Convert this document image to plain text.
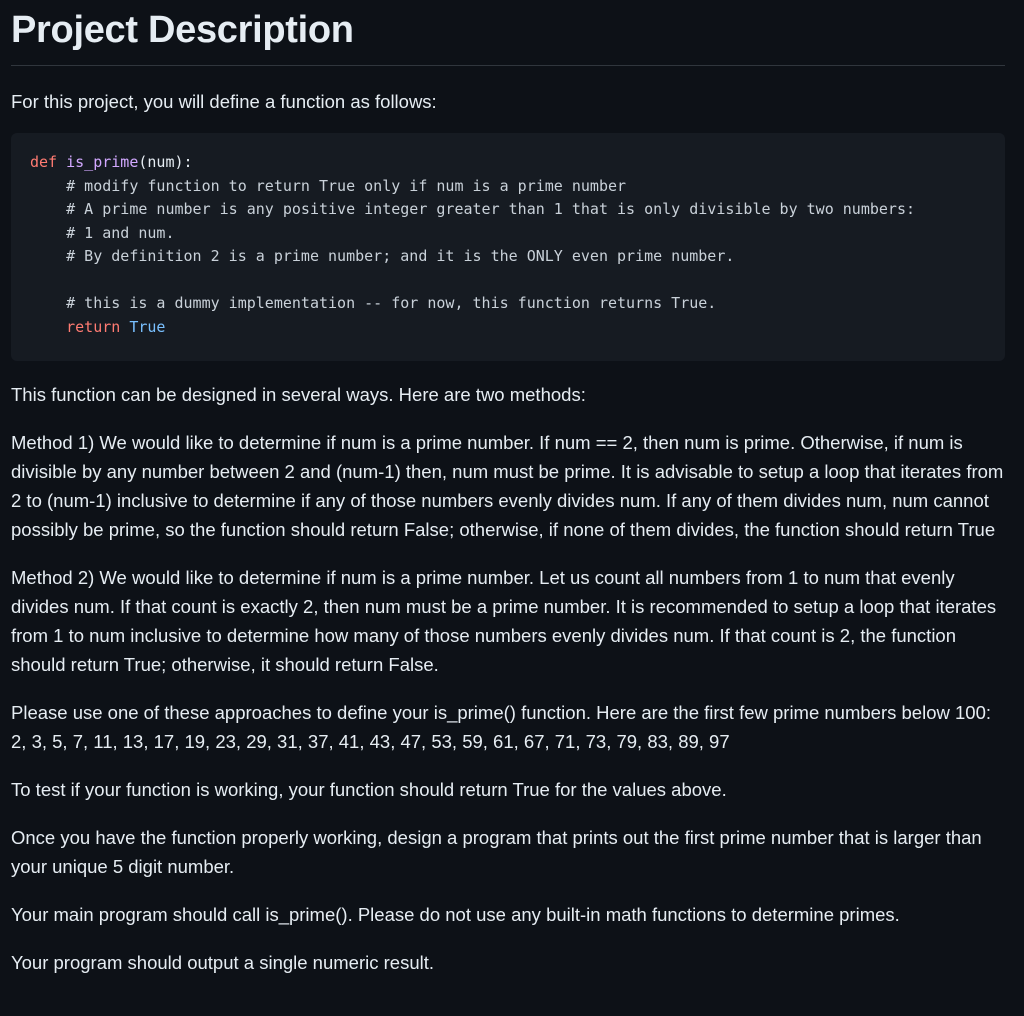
Project Description

For this project, you will define a function as follows:

def is_prime(num):
# modify function to return True only if num is a prime number
# A prime number is any positive integer greater than 1 that is only divisible by two numbers:
# 1 and num.
# By definition 2 is a prime number; and it is the ONLY even prime number.
# this is a dummy implementation -- for now, this function returns True.
return True

This function can be designed in several ways. Here are two methods:

Method 1) We would like to determine if num is a prime number. If num == 2, then num is prime. Otherwise, if num is divisible by any number between 2 and (num-1) then, num must be prime. It is advisable to setup a loop that iterates from 2 to (num-1) inclusive to determine if any of those numbers evenly divides num. If any of them divides num, num cannot possibly be prime, so the function should return False; otherwise, if none of them divides, the function should return True

Method 2) We would like to determine if num is a prime number. Let us count all numbers from 1 to num that evenly divides num. If that count is exactly 2, then num must be a prime number. It is recommended to setup a loop that iterates from 1 to num inclusive to determine how many of those numbers evenly divides num. If that count is 2, the function should return True; otherwise, it should return False.

Please use one of these approaches to define your is_prime() function. Here are the first few prime numbers below 100: 2, 3, 5, 7, 11, 13, 17, 19, 23, 29, 31, 37, 41, 43, 47, 53, 59, 61, 67, 71, 73, 79, 83, 89, 97

To test if your function is working, your function should return True for the values above.

Once you have the function properly working, design a program that prints out the first prime number that is larger than your unique 5 digit number.

Your main program should call is_prime(). Please do not use any built-in math functions to determine primes.

Your program should output a single numeric result.
